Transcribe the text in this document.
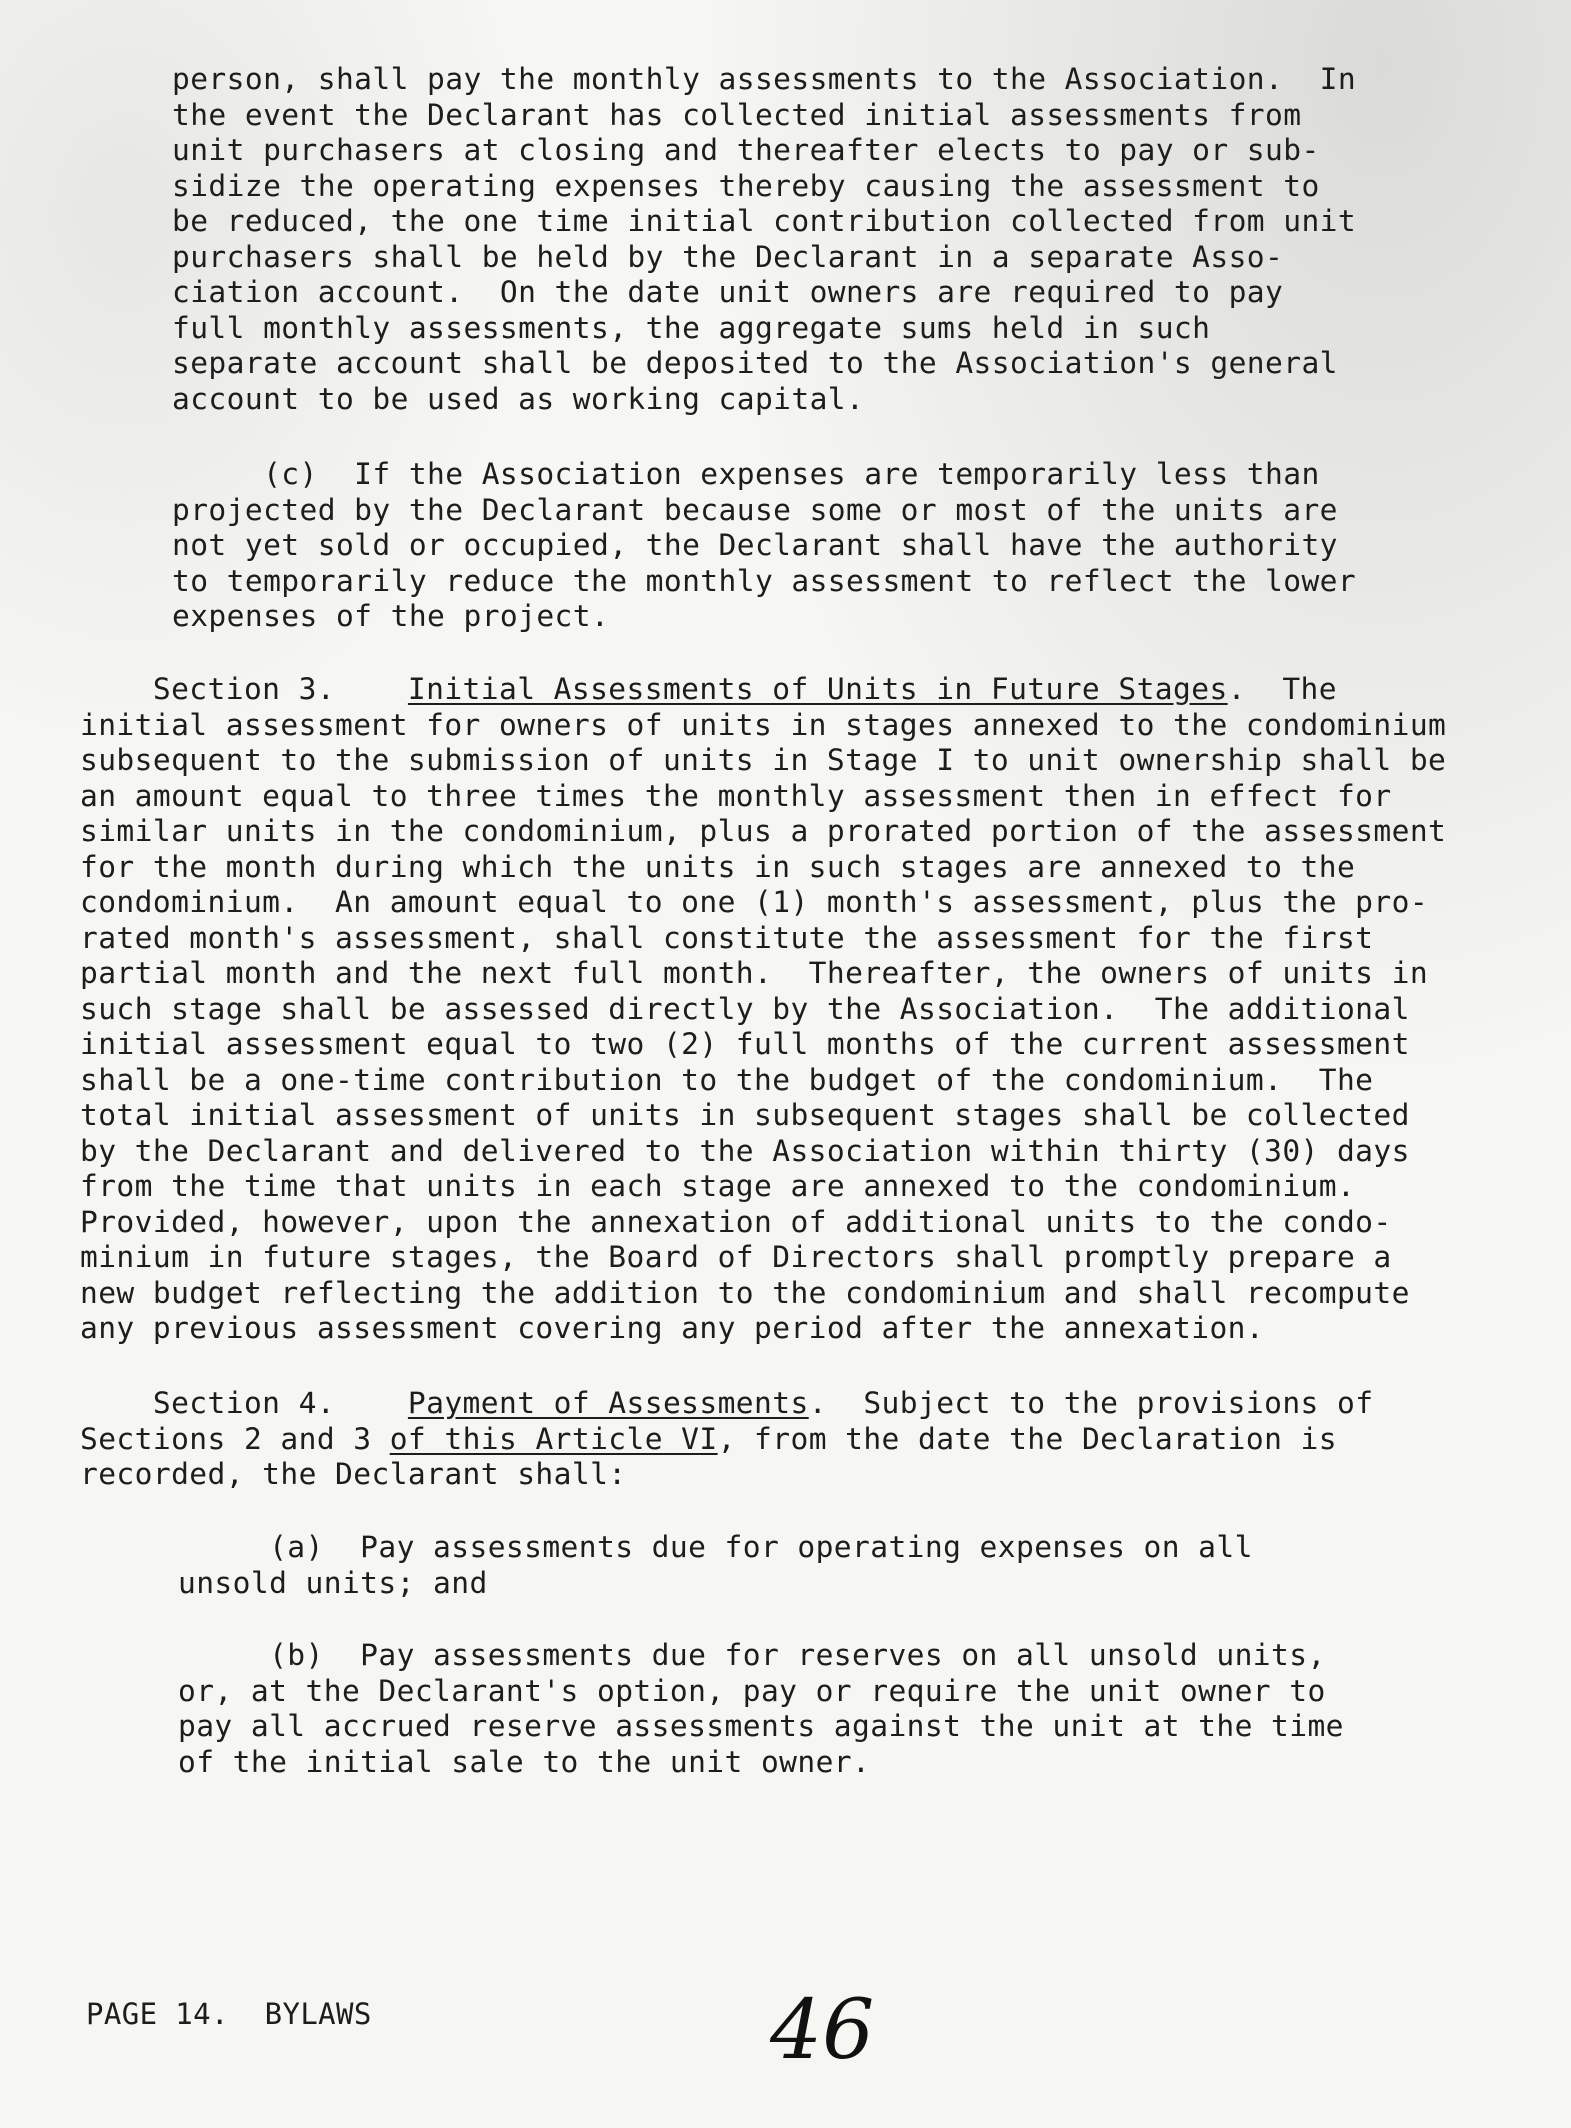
person, shall pay the monthly assessments to the Association.  In
the event the Declarant has collected initial assessments from
unit purchasers at closing and thereafter elects to pay or sub-
sidize the operating expenses thereby causing the assessment to
be reduced, the one time initial contribution collected from unit
purchasers shall be held by the Declarant in a separate Asso-
ciation account.  On the date unit owners are required to pay
full monthly assessments, the aggregate sums held in such
separate account shall be deposited to the Association's general
account to be used as working capital.
(c)  If the Association expenses are temporarily less than
projected by the Declarant because some or most of the units are
not yet sold or occupied, the Declarant shall have the authority
to temporarily reduce the monthly assessment to reflect the lower
expenses of the project.
Section 3.    Initial Assessments of Units in Future Stages.  The
initial assessment for owners of units in stages annexed to the condominium
subsequent to the submission of units in Stage I to unit ownership shall be
an amount equal to three times the monthly assessment then in effect for
similar units in the condominium, plus a prorated portion of the assessment
for the month during which the units in such stages are annexed to the
condominium.  An amount equal to one (1) month's assessment, plus the pro-
rated month's assessment, shall constitute the assessment for the first
partial month and the next full month.  Thereafter, the owners of units in
such stage shall be assessed directly by the Association.  The additional
initial assessment equal to two (2) full months of the current assessment
shall be a one-time contribution to the budget of the condominium.  The
total initial assessment of units in subsequent stages shall be collected
by the Declarant and delivered to the Association within thirty (30) days
from the time that units in each stage are annexed to the condominium.
Provided, however, upon the annexation of additional units to the condo-
minium in future stages, the Board of Directors shall promptly prepare a
new budget reflecting the addition to the condominium and shall recompute
any previous assessment covering any period after the annexation.
Section 4.    Payment of Assessments.  Subject to the provisions of
Sections 2 and 3 of this Article VI, from the date the Declaration is
recorded, the Declarant shall:
(a)  Pay assessments due for operating expenses on all
unsold units; and
(b)  Pay assessments due for reserves on all unsold units,
or, at the Declarant's option, pay or require the unit owner to
pay all accrued reserve assessments against the unit at the time
of the initial sale to the unit owner.
PAGE 14.  BYLAWS	46
